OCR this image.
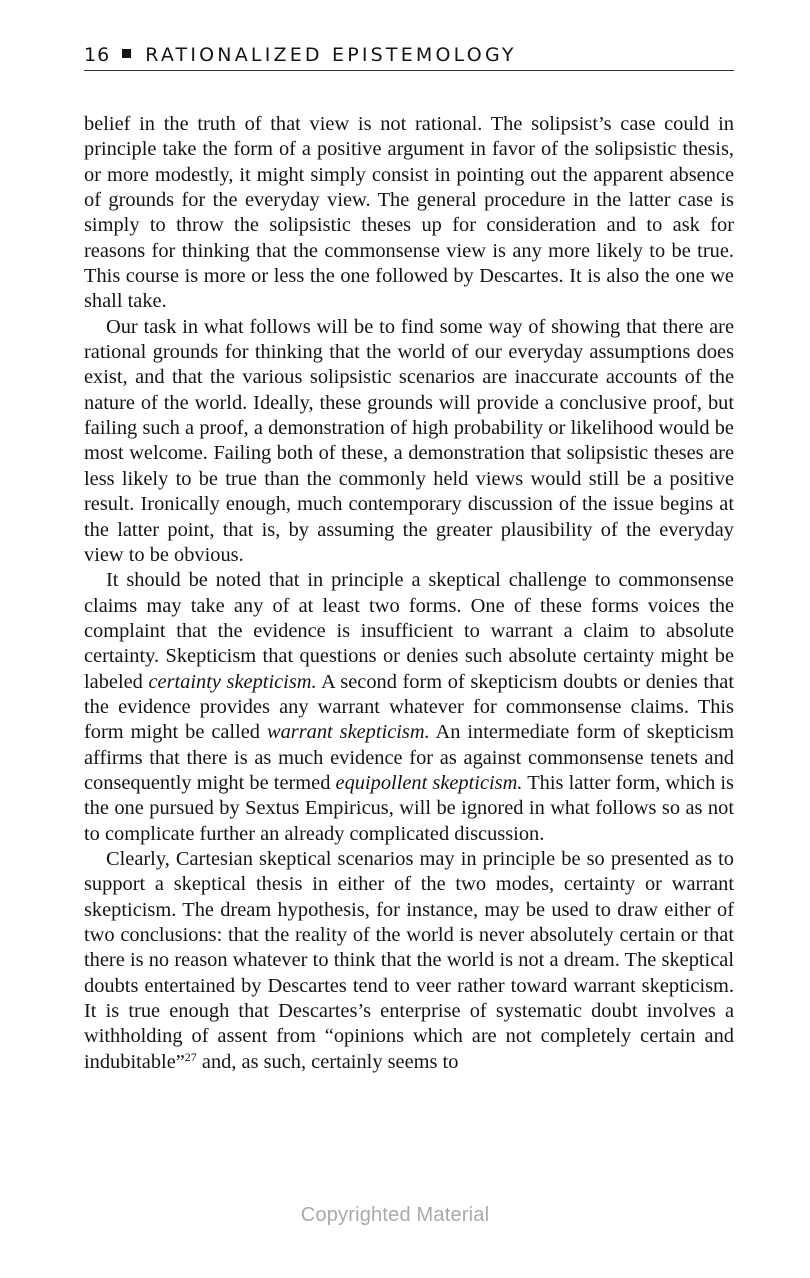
16 RATIONALIZED EPISTEMOLOGY

belief in the truth of that view is not rational. The solipsist’s case could in principle take the form of a positive argument in favor of the solipsistic thesis, or more modestly, it might simply consist in pointing out the apparent absence of grounds for the everyday view. The general procedure in the latter case is simply to throw the solipsistic theses up for consideration and to ask for reasons for thinking that the commonsense view is any more likely to be true. This course is more or less the one followed by Descartes. It is also the one we shall take.

Our task in what follows will be to find some way of showing that there are rational grounds for thinking that the world of our everyday assumptions does exist, and that the various solipsistic scenarios are inaccurate accounts of the nature of the world. Ideally, these grounds will provide a conclusive proof, but failing such a proof, a demonstration of high probability or likelihood would be most welcome. Failing both of these, a demonstration that solipsistic theses are less likely to be true than the commonly held views would still be a positive result. Ironically enough, much contemporary discussion of the issue begins at the latter point, that is, by assuming the greater plausibility of the everyday view to be obvious.

It should be noted that in principle a skeptical challenge to commonsense claims may take any of at least two forms. One of these forms voices the complaint that the evidence is insufficient to warrant a claim to absolute certainty. Skepticism that questions or denies such absolute certainty might be labeled certainty skepticism. A second form of skepticism doubts or denies that the evidence provides any warrant whatever for commonsense claims. This form might be called warrant skepticism. An intermediate form of skepticism affirms that there is as much evidence for as against commonsense tenets and consequently might be termed equipollent skepticism. This latter form, which is the one pursued by Sextus Empiricus, will be ignored in what follows so as not to complicate further an already complicated discussion.

Clearly, Cartesian skeptical scenarios may in principle be so presented as to support a skeptical thesis in either of the two modes, certainty or warrant skepticism. The dream hypothesis, for instance, may be used to draw either of two conclusions: that the reality of the world is never absolutely certain or that there is no reason whatever to think that the world is not a dream. The skeptical doubts entertained by Descartes tend to veer rather toward warrant skepticism. It is true enough that Descartes’s enterprise of systematic doubt involves a withholding of assent from “opinions which are not completely certain and indubitable”$^{27}$ and, as such, certainly seems to

Copyrighted Material
